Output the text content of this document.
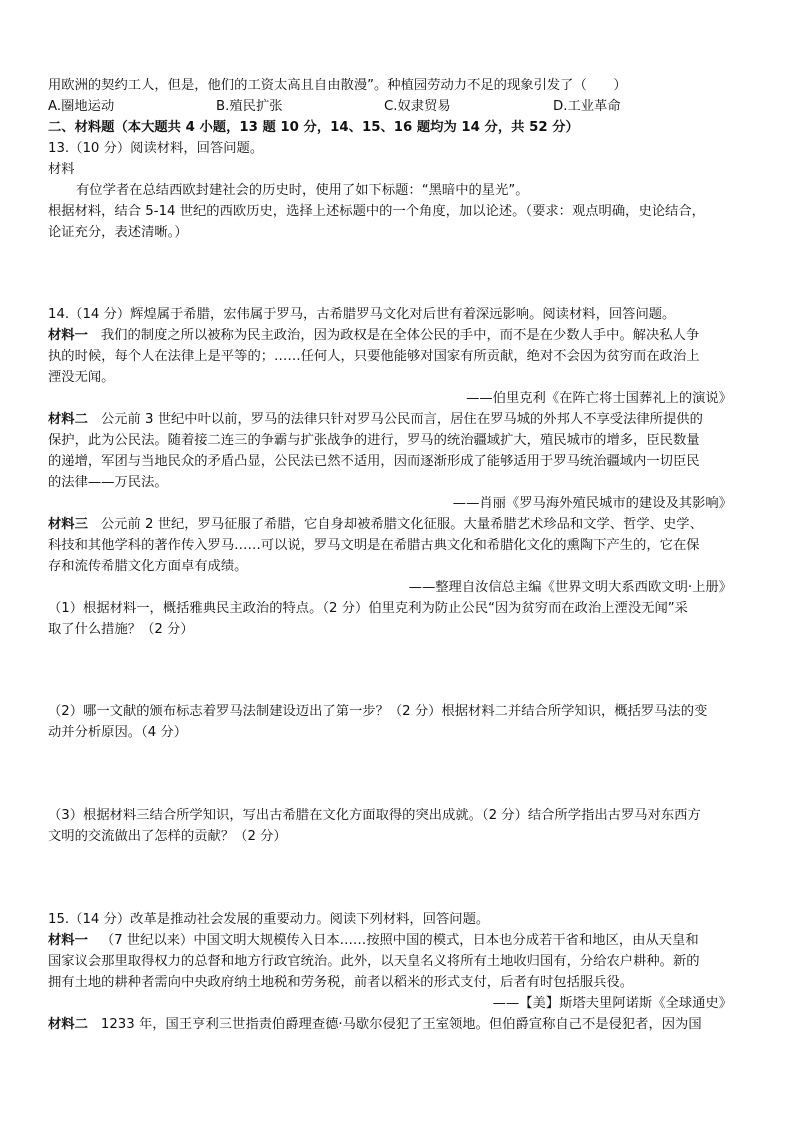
用欧洲的契约工人，但是，他们的工资太高且自由散漫”。种植园劳动力不足的现象引发了（　　）
A.圈地运动	B.殖民扩张	C.奴隶贸易	D.工业革命
二、材料题（本大题共 4 小题，13 题 10 分，14、15、16 题均为 14 分，共 52 分）
13.（10 分）阅读材料，回答问题。
材料
有位学者在总结西欧封建社会的历史时，使用了如下标题：“黑暗中的星光”。
根据材料，结合 5-14 世纪的西欧历史，选择上述标题中的一个角度，加以论述。（要求：观点明确，史论结合，
论证充分，表述清晰。）
14.（14 分）辉煌属于希腊，宏伟属于罗马，古希腊罗马文化对后世有着深远影响。阅读材料，回答问题。
材料一 我们的制度之所以被称为民主政治，因为政权是在全体公民的手中，而不是在少数人手中。解决私人争
执的时候，每个人在法律上是平等的；……任何人，只要他能够对国家有所贡献，绝对不会因为贫穷而在政治上
湮没无闻。
——伯里克利《在阵亡将士国葬礼上的演说》
材料二 公元前 3 世纪中叶以前，罗马的法律只针对罗马公民而言，居住在罗马城的外邦人不享受法律所提供的
保护，此为公民法。随着接二连三的争霸与扩张战争的进行，罗马的统治疆域扩大，殖民城市的增多，臣民数量
的递增，军团与当地民众的矛盾凸显，公民法已然不适用，因而逐渐形成了能够适用于罗马统治疆域内一切臣民
的法律——万民法。
——肖丽《罗马海外殖民城市的建设及其影响》
材料三 公元前 2 世纪，罗马征服了希腊，它自身却被希腊文化征服。大量希腊艺术珍品和文学、哲学、史学、
科技和其他学科的著作传入罗马……可以说，罗马文明是在希腊古典文化和希腊化文化的熏陶下产生的，它在保
存和流传希腊文化方面卓有成绩。
——整理自汝信总主编《世界文明大系西欧文明·上册》
（1）根据材料一，概括雅典民主政治的特点。（2 分）伯里克利为防止公民“因为贫穷而在政治上湮没无闻”采
取了什么措施？（2 分）
（2）哪一文献的颁布标志着罗马法制建设迈出了第一步？（2 分）根据材料二并结合所学知识，概括罗马法的变
动并分析原因。（4 分）
（3）根据材料三结合所学知识，写出古希腊在文化方面取得的突出成就。（2 分）结合所学指出古罗马对东西方
文明的交流做出了怎样的贡献？（2 分）
15.（14 分）改革是推动社会发展的重要动力。阅读下列材料，回答问题。
材料一 （7 世纪以来）中国文明大规模传入日本……按照中国的模式，日本也分成若干省和地区，由从天皇和
国家议会那里取得权力的总督和地方行政官统治。此外，以天皇名义将所有土地收归国有，分给农户耕种。新的
拥有土地的耕种者需向中央政府纳土地税和劳务税，前者以稻米的形式支付，后者有时包括服兵役。
——【美】斯塔夫里阿诺斯《全球通史》
材料二 1233 年，国王亨利三世指责伯爵理查德·马歇尔侵犯了王室领地。但伯爵宣称自己不是侵犯者，因为国
